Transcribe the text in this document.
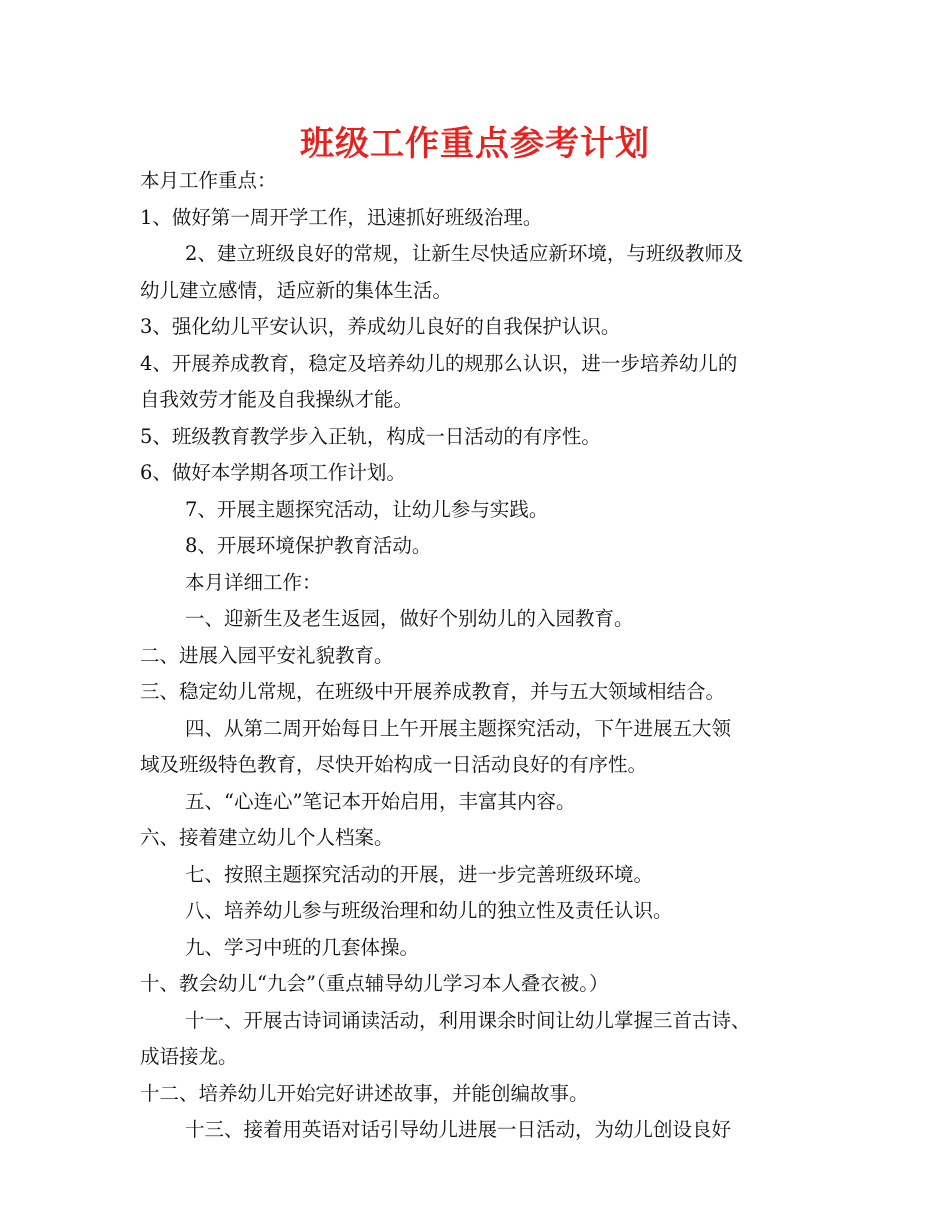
班级工作重点参考计划
本月工作重点：
1、做好第一周开学工作，迅速抓好班级治理。
2、建立班级良好的常规，让新生尽快适应新环境，与班级教师及
幼儿建立感情，适应新的集体生活。
3、强化幼儿平安认识，养成幼儿良好的自我保护认识。
4、开展养成教育，稳定及培养幼儿的规那么认识，进一步培养幼儿的
自我效劳才能及自我操纵才能。
5、班级教育教学步入正轨，构成一日活动的有序性。
6、做好本学期各项工作计划。
7、开展主题探究活动，让幼儿参与实践。
8、开展环境保护教育活动。
本月详细工作：
一、迎新生及老生返园，做好个别幼儿的入园教育。
二、进展入园平安礼貌教育。
三、稳定幼儿常规，在班级中开展养成教育，并与五大领域相结合。
四、从第二周开始每日上午开展主题探究活动，下午进展五大领
域及班级特色教育，尽快开始构成一日活动良好的有序性。
五、“心连心”笔记本开始启用，丰富其内容。
六、接着建立幼儿个人档案。
七、按照主题探究活动的开展，进一步完善班级环境。
八、培养幼儿参与班级治理和幼儿的独立性及责任认识。
九、学习中班的几套体操。
十、教会幼儿“九会”（重点辅导幼儿学习本人叠衣被。）
十一、开展古诗词诵读活动，利用课余时间让幼儿掌握三首古诗、
成语接龙。
十二、培养幼儿开始完好讲述故事，并能创编故事。
十三、接着用英语对话引导幼儿进展一日活动，为幼儿创设良好
